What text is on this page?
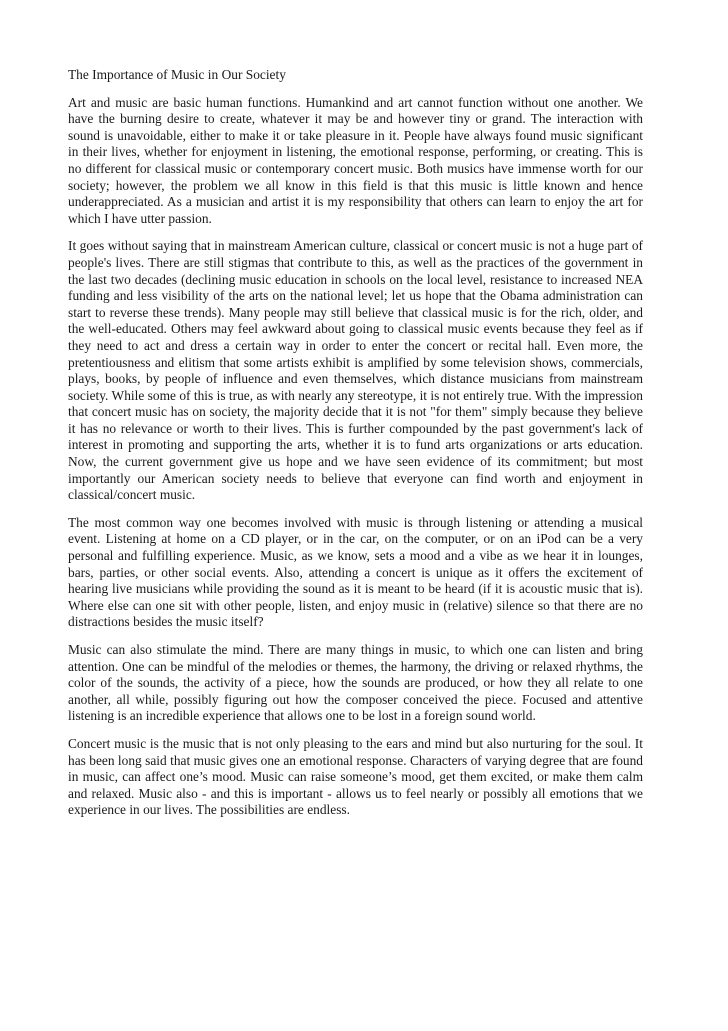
The Importance of Music in Our Society

Art and music are basic human functions. Humankind and art cannot function without one another. We have the burning desire to create, whatever it may be and however tiny or grand. The interaction with sound is unavoidable, either to make it or take pleasure in it. People have always found music significant in their lives, whether for enjoyment in listening, the emotional response, performing, or creating. This is no different for classical music or contemporary concert music. Both musics have immense worth for our society; however, the problem we all know in this field is that this music is little known and hence underappreciated. As a musician and artist it is my responsibility that others can learn to enjoy the art for which I have utter passion.

It goes without saying that in mainstream American culture, classical or concert music is not a huge part of people's lives. There are still stigmas that contribute to this, as well as the practices of the government in the last two decades (declining music education in schools on the local level, resistance to increased NEA funding and less visibility of the arts on the national level; let us hope that the Obama administration can start to reverse these trends). Many people may still believe that classical music is for the rich, older, and the well-educated. Others may feel awkward about going to classical music events because they feel as if they need to act and dress a certain way in order to enter the concert or recital hall. Even more, the pretentiousness and elitism that some artists exhibit is amplified by some television shows, commercials, plays, books, by people of influence and even themselves, which distance musicians from mainstream society. While some of this is true, as with nearly any stereotype, it is not entirely true. With the impression that concert music has on society, the majority decide that it is not "for them" simply because they believe it has no relevance or worth to their lives. This is further compounded by the past government's lack of interest in promoting and supporting the arts, whether it is to fund arts organizations or arts education. Now, the current government give us hope and we have seen evidence of its commitment; but most importantly our American society needs to believe that everyone can find worth and enjoyment in classical/concert music.

The most common way one becomes involved with music is through listening or attending a musical event. Listening at home on a CD player, or in the car, on the computer, or on an iPod can be a very personal and fulfilling experience. Music, as we know, sets a mood and a vibe as we hear it in lounges, bars, parties, or other social events. Also, attending a concert is unique as it offers the excitement of hearing live musicians while providing the sound as it is meant to be heard (if it is acoustic music that is). Where else can one sit with other people, listen, and enjoy music in (relative) silence so that there are no distractions besides the music itself?

Music can also stimulate the mind. There are many things in music, to which one can listen and bring attention. One can be mindful of the melodies or themes, the harmony, the driving or relaxed rhythms, the color of the sounds, the activity of a piece, how the sounds are produced, or how they all relate to one another, all while, possibly figuring out how the composer conceived the piece. Focused and attentive listening is an incredible experience that allows one to be lost in a foreign sound world.

Concert music is the music that is not only pleasing to the ears and mind but also nurturing for the soul. It has been long said that music gives one an emotional response. Characters of varying degree that are found in music, can affect one’s mood. Music can raise someone’s mood, get them excited, or make them calm and relaxed. Music also - and this is important - allows us to feel nearly or possibly all emotions that we experience in our lives. The possibilities are endless.
